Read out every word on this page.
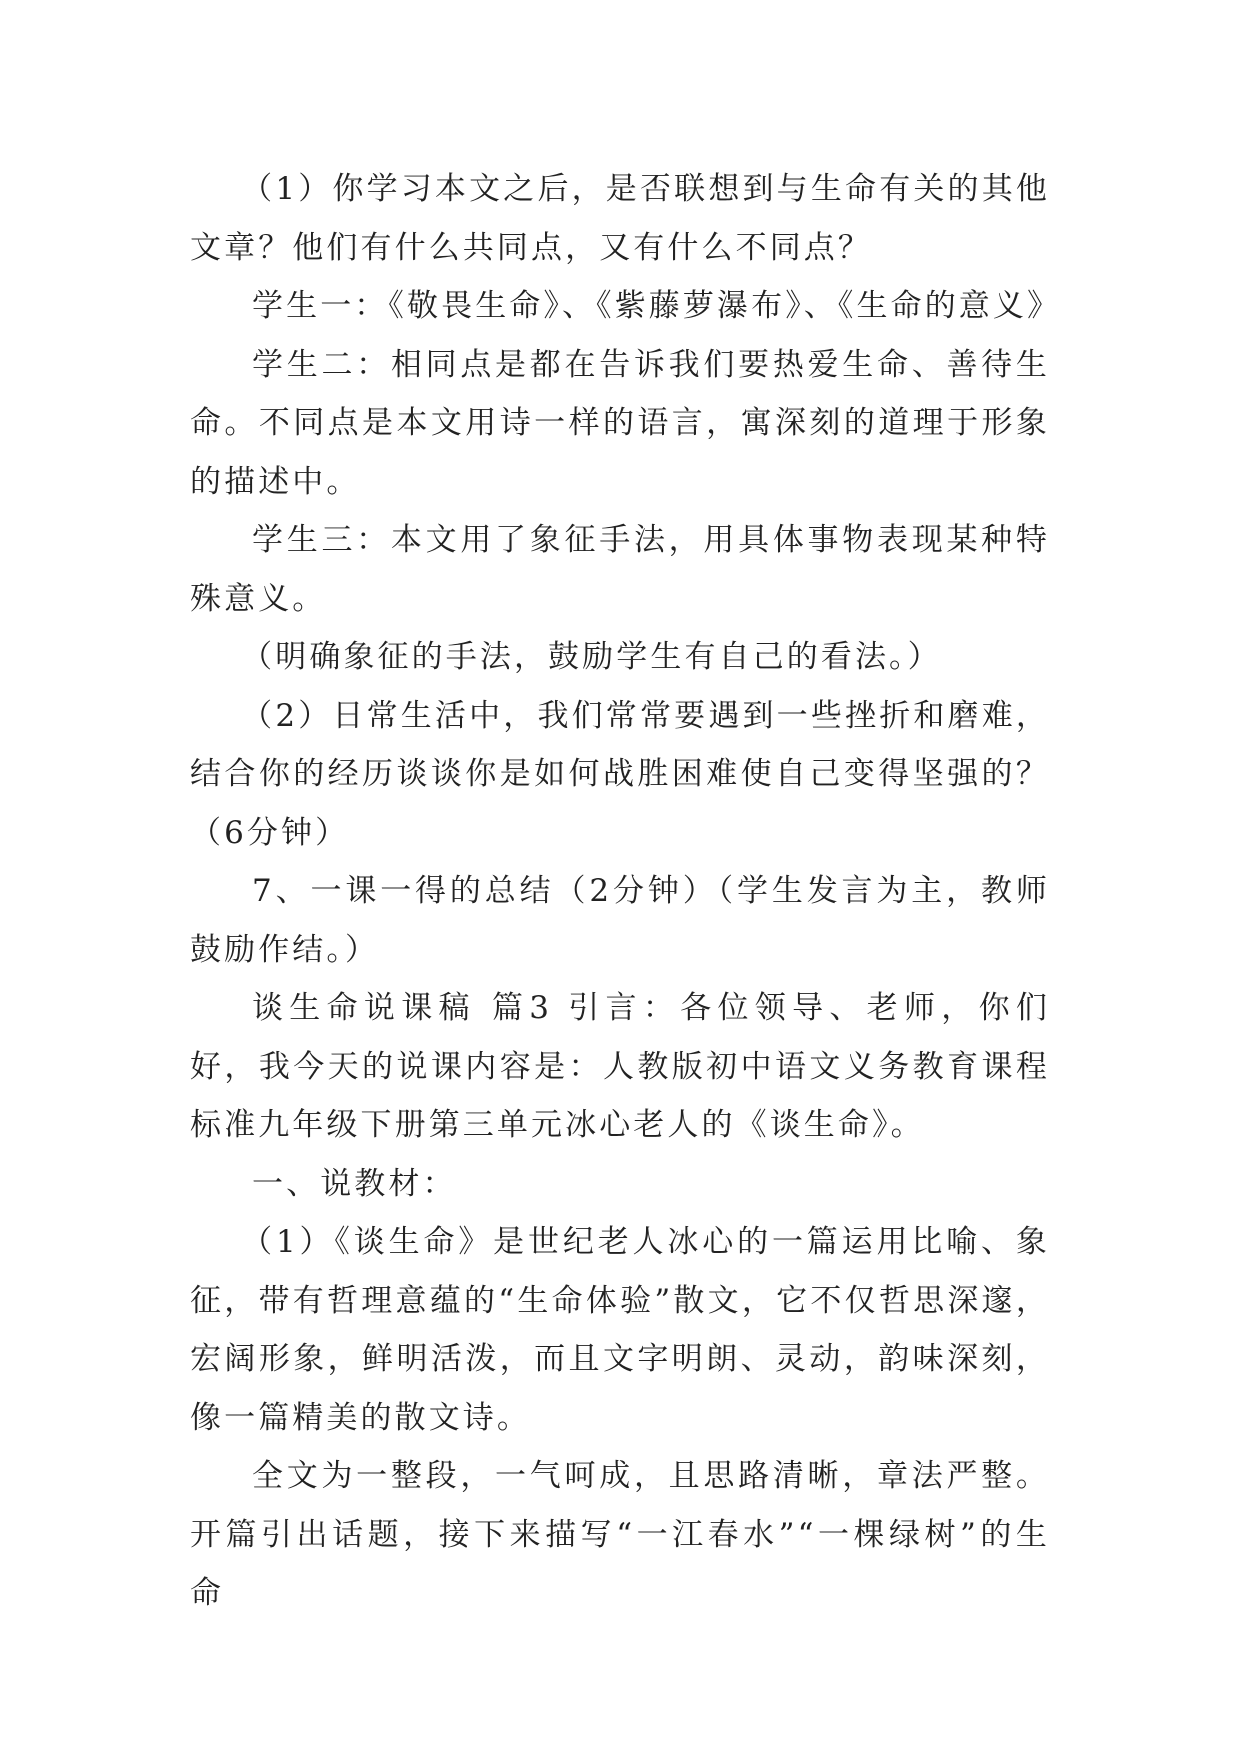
（1）你学习本文之后，是否联想到与生命有关的其他文章？他们有什么共同点，又有什么不同点？

学生一：《敬畏生命》、《紫藤萝瀑布》、《生命的意义》

学生二：相同点是都在告诉我们要热爱生命、善待生命。不同点是本文用诗一样的语言，寓深刻的道理于形象的描述中。

学生三：本文用了象征手法，用具体事物表现某种特殊意义。

（明确象征的手法，鼓励学生有自己的看法。）

（2）日常生活中，我们常常要遇到一些挫折和磨难，结合你的经历谈谈你是如何战胜困难使自己变得坚强的？（6分钟）

7、一课一得的总结（2分钟）（学生发言为主，教师鼓励作结。）

谈生命说课稿 篇3 引言：各位领导、老师，你们好，我今天的说课内容是：人教版初中语文义务教育课程标准九年级下册第三单元冰心老人的《谈生命》。

一、说教材：

（1）《谈生命》是世纪老人冰心的一篇运用比喻、象征，带有哲理意蕴的“生命体验”散文，它不仅哲思深邃，宏阔形象，鲜明活泼，而且文字明朗、灵动，韵味深刻，像一篇精美的散文诗。

全文为一整段，一气呵成，且思路清晰，章法严整。开篇引出话题，接下来描写“一江春水”“一棵绿树”的生命
